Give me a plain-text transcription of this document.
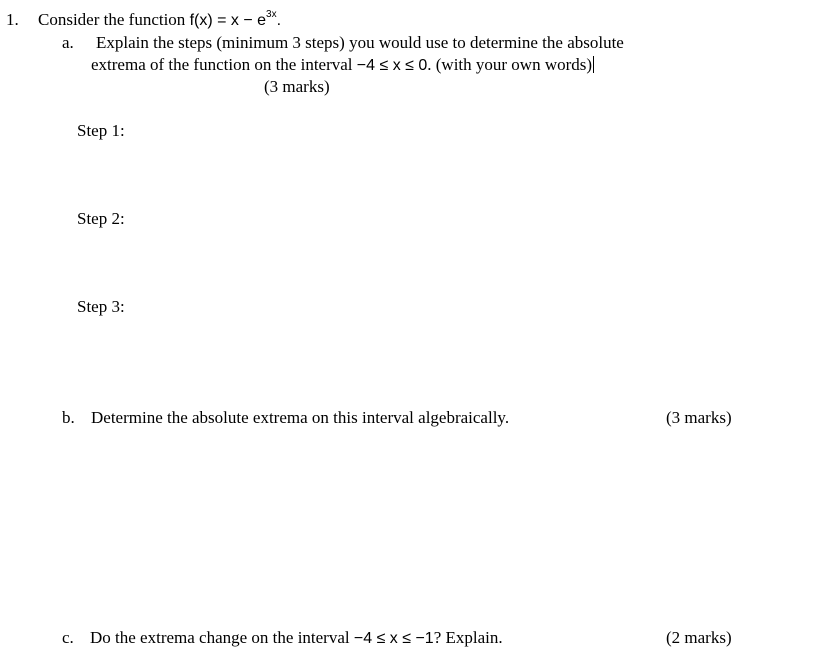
1. Consider the function $f(x) = x - e^{3x}$.
a. Explain the steps (minimum 3 steps) you would use to determine the absolute
extrema of the function on the interval −4 ≤ x ≤ 0. (with your own words)
(3 marks)
Step 1:
Step 2:
Step 3:
b. Determine the absolute extrema on this interval algebraically.	(3 marks)
c. Do the extrema change on the interval −4 ≤ x ≤ −1? Explain.	(2 marks)
